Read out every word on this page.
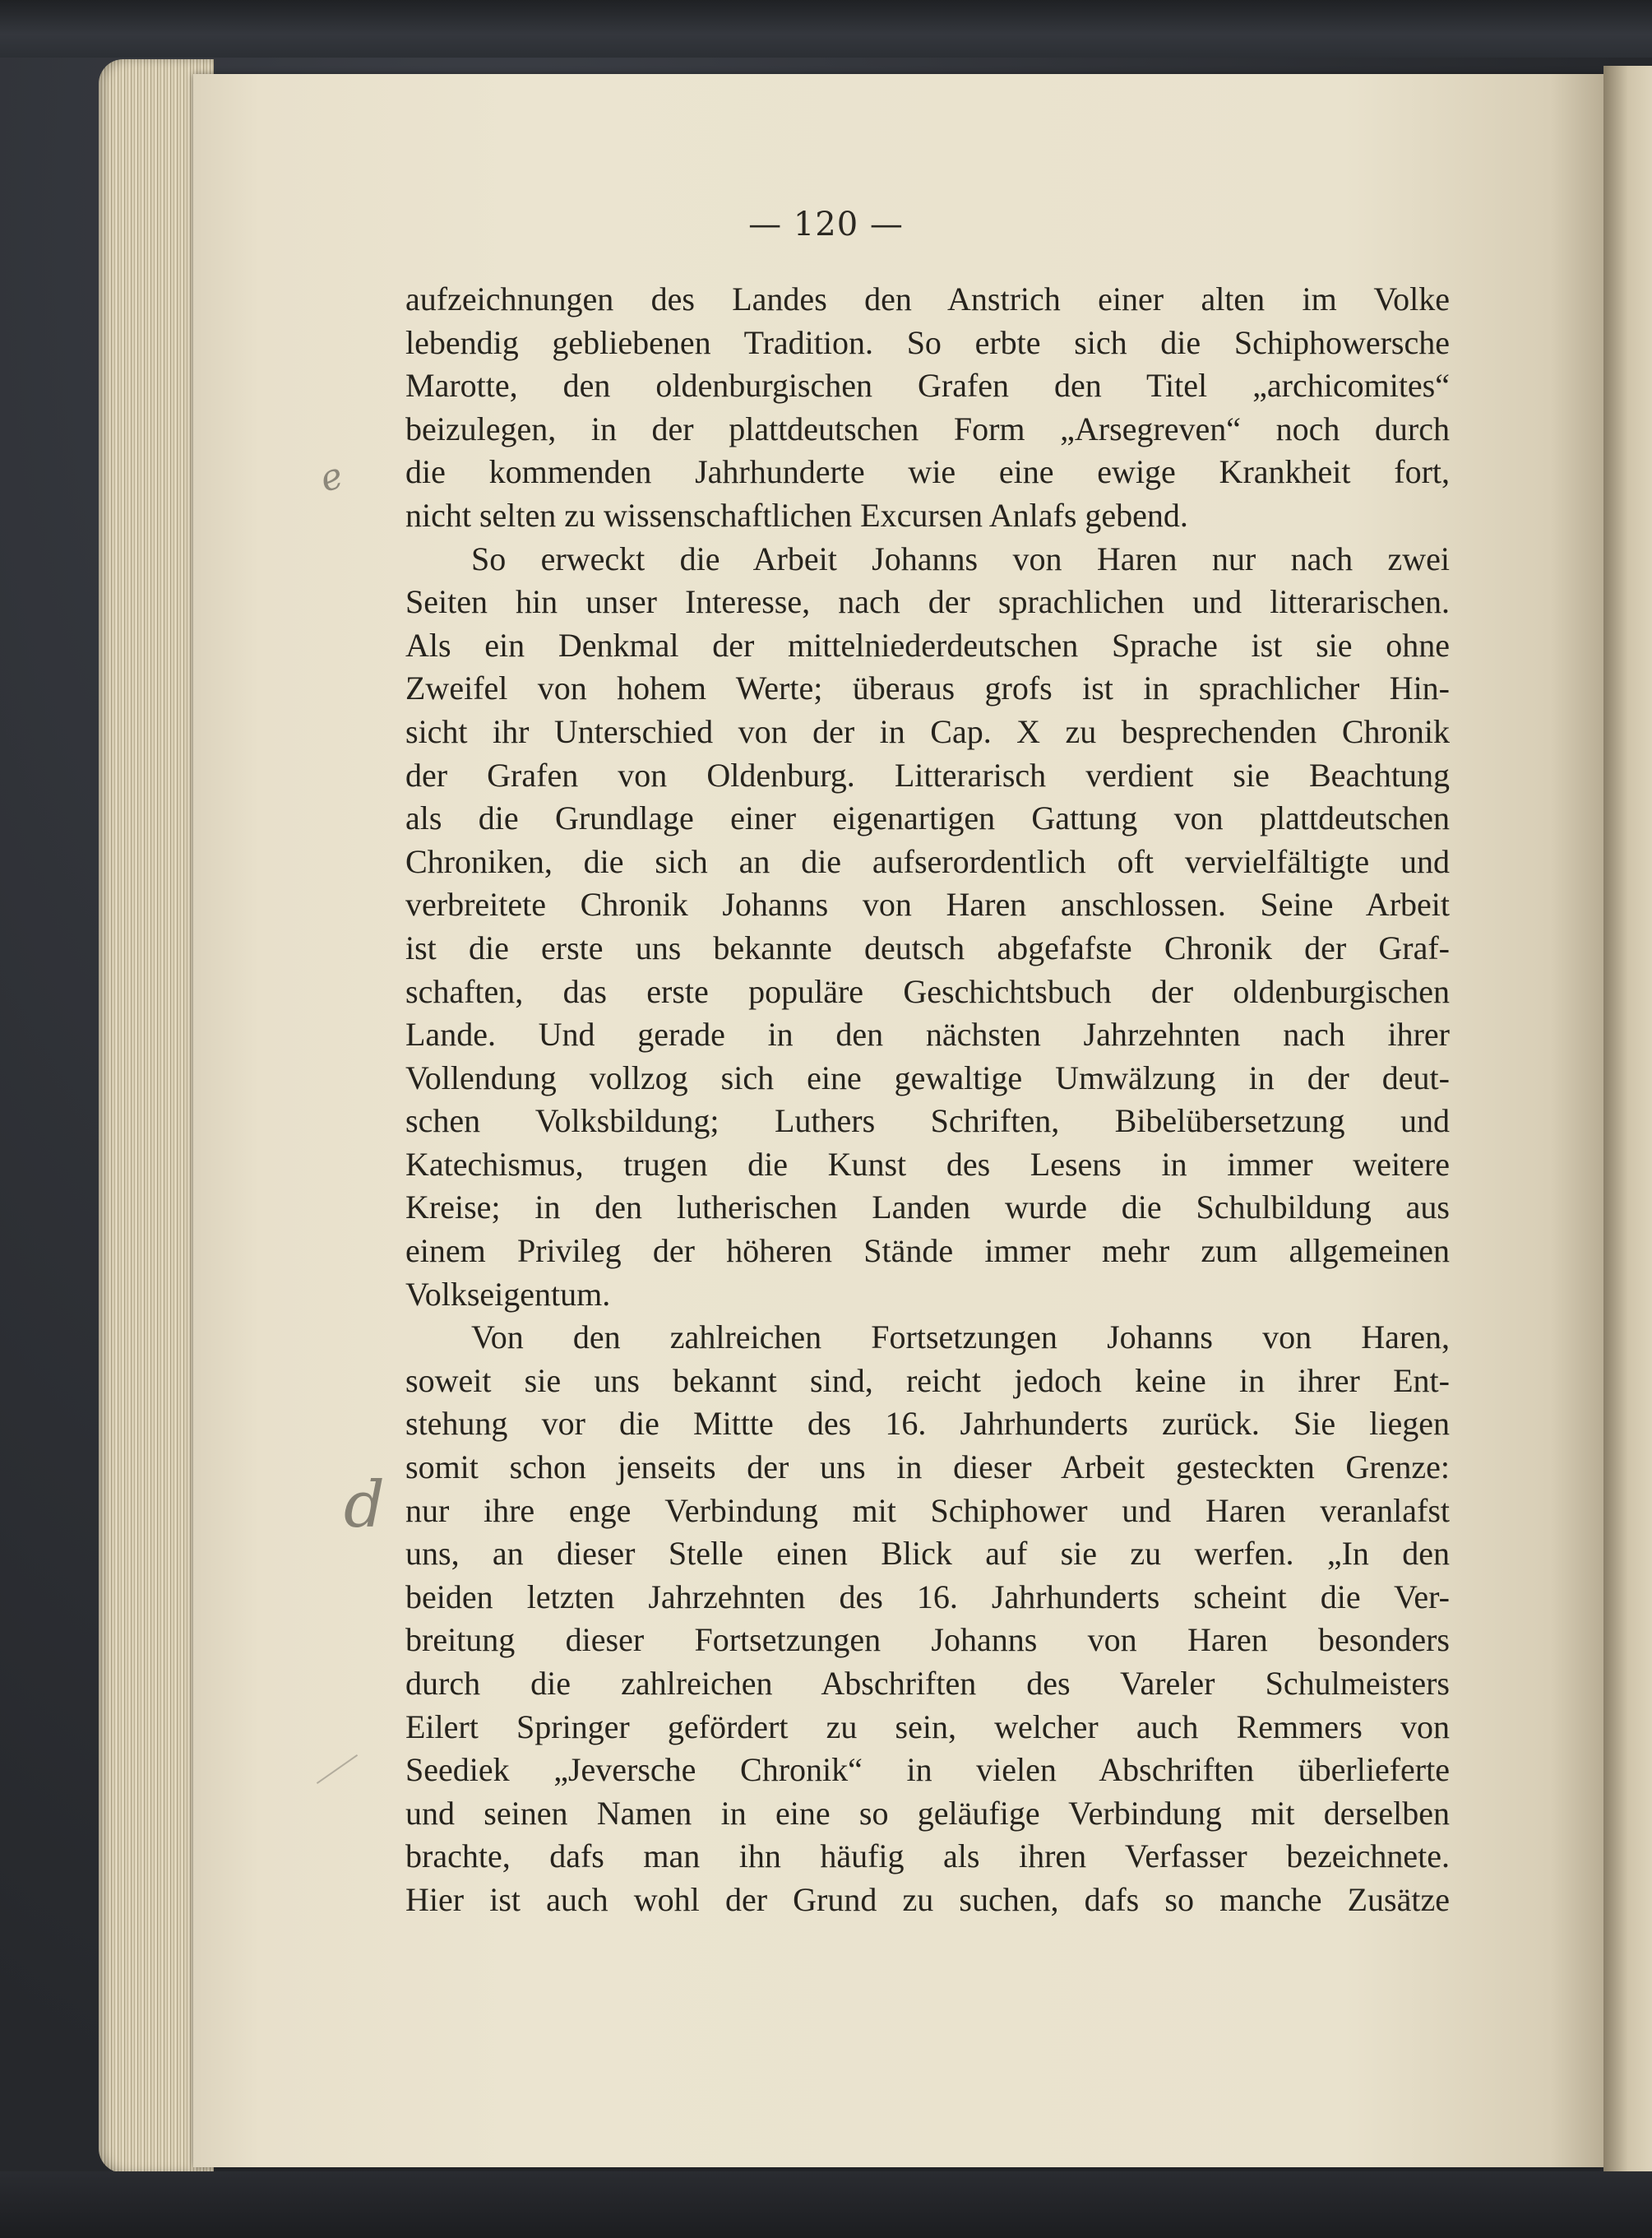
— 120 —
e
d
aufzeichnungen des Landes den Anstrich einer alten im Volke
lebendig gebliebenen Tradition. So erbte sich die Schiphowersche
Marotte, den oldenburgischen Grafen den Titel „archicomites“
beizulegen, in der plattdeutschen Form „Arsegreven“ noch durch
die kommenden Jahrhunderte wie eine ewige Krankheit fort,
nicht selten zu wissenschaftlichen Excursen Anlafs gebend.
So erweckt die Arbeit Johanns von Haren nur nach zwei
Seiten hin unser Interesse, nach der sprachlichen und litterarischen.
Als ein Denkmal der mittelniederdeutschen Sprache ist sie ohne
Zweifel von hohem Werte; überaus grofs ist in sprachlicher Hin-
sicht ihr Unterschied von der in Cap. X zu besprechenden Chronik
der Grafen von Oldenburg. Litterarisch verdient sie Beachtung
als die Grundlage einer eigenartigen Gattung von plattdeutschen
Chroniken, die sich an die aufserordentlich oft vervielfältigte und
verbreitete Chronik Johanns von Haren anschlossen. Seine Arbeit
ist die erste uns bekannte deutsch abgefafste Chronik der Graf-
schaften, das erste populäre Geschichtsbuch der oldenburgischen
Lande. Und gerade in den nächsten Jahrzehnten nach ihrer
Vollendung vollzog sich eine gewaltige Umwälzung in der deut-
schen Volksbildung; Luthers Schriften, Bibelübersetzung und
Katechismus, trugen die Kunst des Lesens in immer weitere
Kreise; in den lutherischen Landen wurde die Schulbildung aus
einem Privileg der höheren Stände immer mehr zum allgemeinen
Volkseigentum.
Von den zahlreichen Fortsetzungen Johanns von Haren,
soweit sie uns bekannt sind, reicht jedoch keine in ihrer Ent-
stehung vor die Mittte des 16. Jahrhunderts zurück. Sie liegen
somit schon jenseits der uns in dieser Arbeit gesteckten Grenze:
nur ihre enge Verbindung mit Schiphower und Haren veranlafst
uns, an dieser Stelle einen Blick auf sie zu werfen. „In den
beiden letzten Jahrzehnten des 16. Jahrhunderts scheint die Ver-
breitung dieser Fortsetzungen Johanns von Haren besonders
durch die zahlreichen Abschriften des Vareler Schulmeisters
Eilert Springer gefördert zu sein, welcher auch Remmers von
Seediek „Jeversche Chronik“ in vielen Abschriften überlieferte
und seinen Namen in eine so geläufige Verbindung mit derselben
brachte, dafs man ihn häufig als ihren Verfasser bezeichnete.
Hier ist auch wohl der Grund zu suchen, dafs so manche Zusätze
